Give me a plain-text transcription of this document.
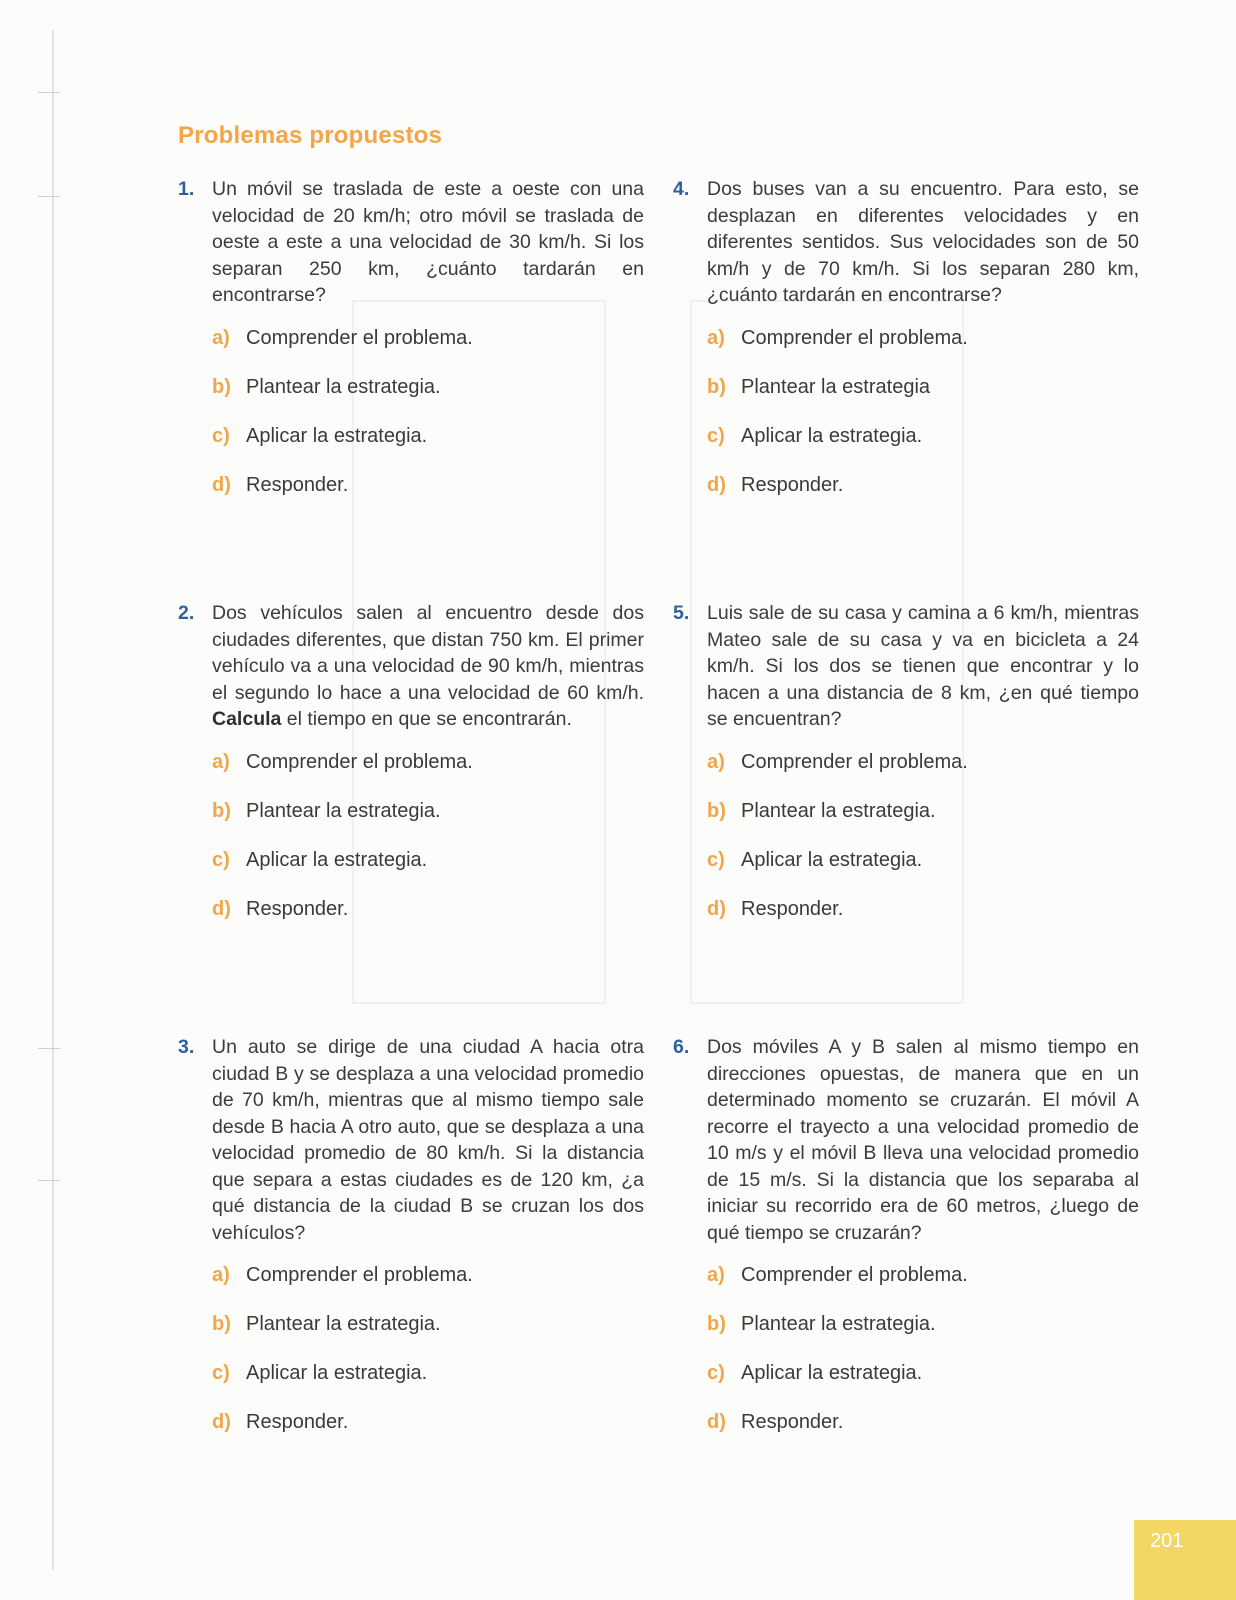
Problemas propuestos
1. Un móvil se traslada de este a oeste con una velocidad de 20 km/h; otro móvil se traslada de oeste a este a una velocidad de 30 km/h. Si los separan 250 km, ¿cuánto tardarán en encontrarse?
a) Comprender el problema.
b) Plantear la estrategia.
c) Aplicar la estrategia.
d) Responder.
4. Dos buses van a su encuentro. Para esto, se desplazan en diferentes velocidades y en diferentes sentidos. Sus velocidades son de 50 km/h y de 70 km/h. Si los separan 280 km, ¿cuánto tardarán en encontrarse?
a) Comprender el problema.
b) Plantear la estrategia
c) Aplicar la estrategia.
d) Responder.
2. Dos vehículos salen al encuentro desde dos ciudades diferentes, que distan 750 km. El primer vehículo va a una velocidad de 90 km/h, mientras el segundo lo hace a una velocidad de 60 km/h. Calcula el tiempo en que se encontrarán.
a) Comprender el problema.
b) Plantear la estrategia.
c) Aplicar la estrategia.
d) Responder.
5. Luis sale de su casa y camina a 6 km/h, mientras Mateo sale de su casa y va en bicicleta a 24 km/h. Si los dos se tienen que encontrar y lo hacen a una distancia de 8 km, ¿en qué tiempo se encuentran?
a) Comprender el problema.
b) Plantear la estrategia.
c) Aplicar la estrategia.
d) Responder.
3. Un auto se dirige de una ciudad A hacia otra ciudad B y se desplaza a una velocidad promedio de 70 km/h, mientras que al mismo tiempo sale desde B hacia A otro auto, que se desplaza a una velocidad promedio de 80 km/h. Si la distancia que separa a estas ciudades es de 120 km, ¿a qué distancia de la ciudad B se cruzan los dos vehículos?
a) Comprender el problema.
b) Plantear la estrategia.
c) Aplicar la estrategia.
d) Responder.
6. Dos móviles A y B salen al mismo tiempo en direcciones opuestas, de manera que en un determinado momento se cruzarán. El móvil A recorre el trayecto a una velocidad promedio de 10 m/s y el móvil B lleva una velocidad promedio de 15 m/s. Si la distancia que los separaba al iniciar su recorrido era de 60 metros, ¿luego de qué tiempo se cruzarán?
a) Comprender el problema.
b) Plantear la estrategia.
c) Aplicar la estrategia.
d) Responder.
201
